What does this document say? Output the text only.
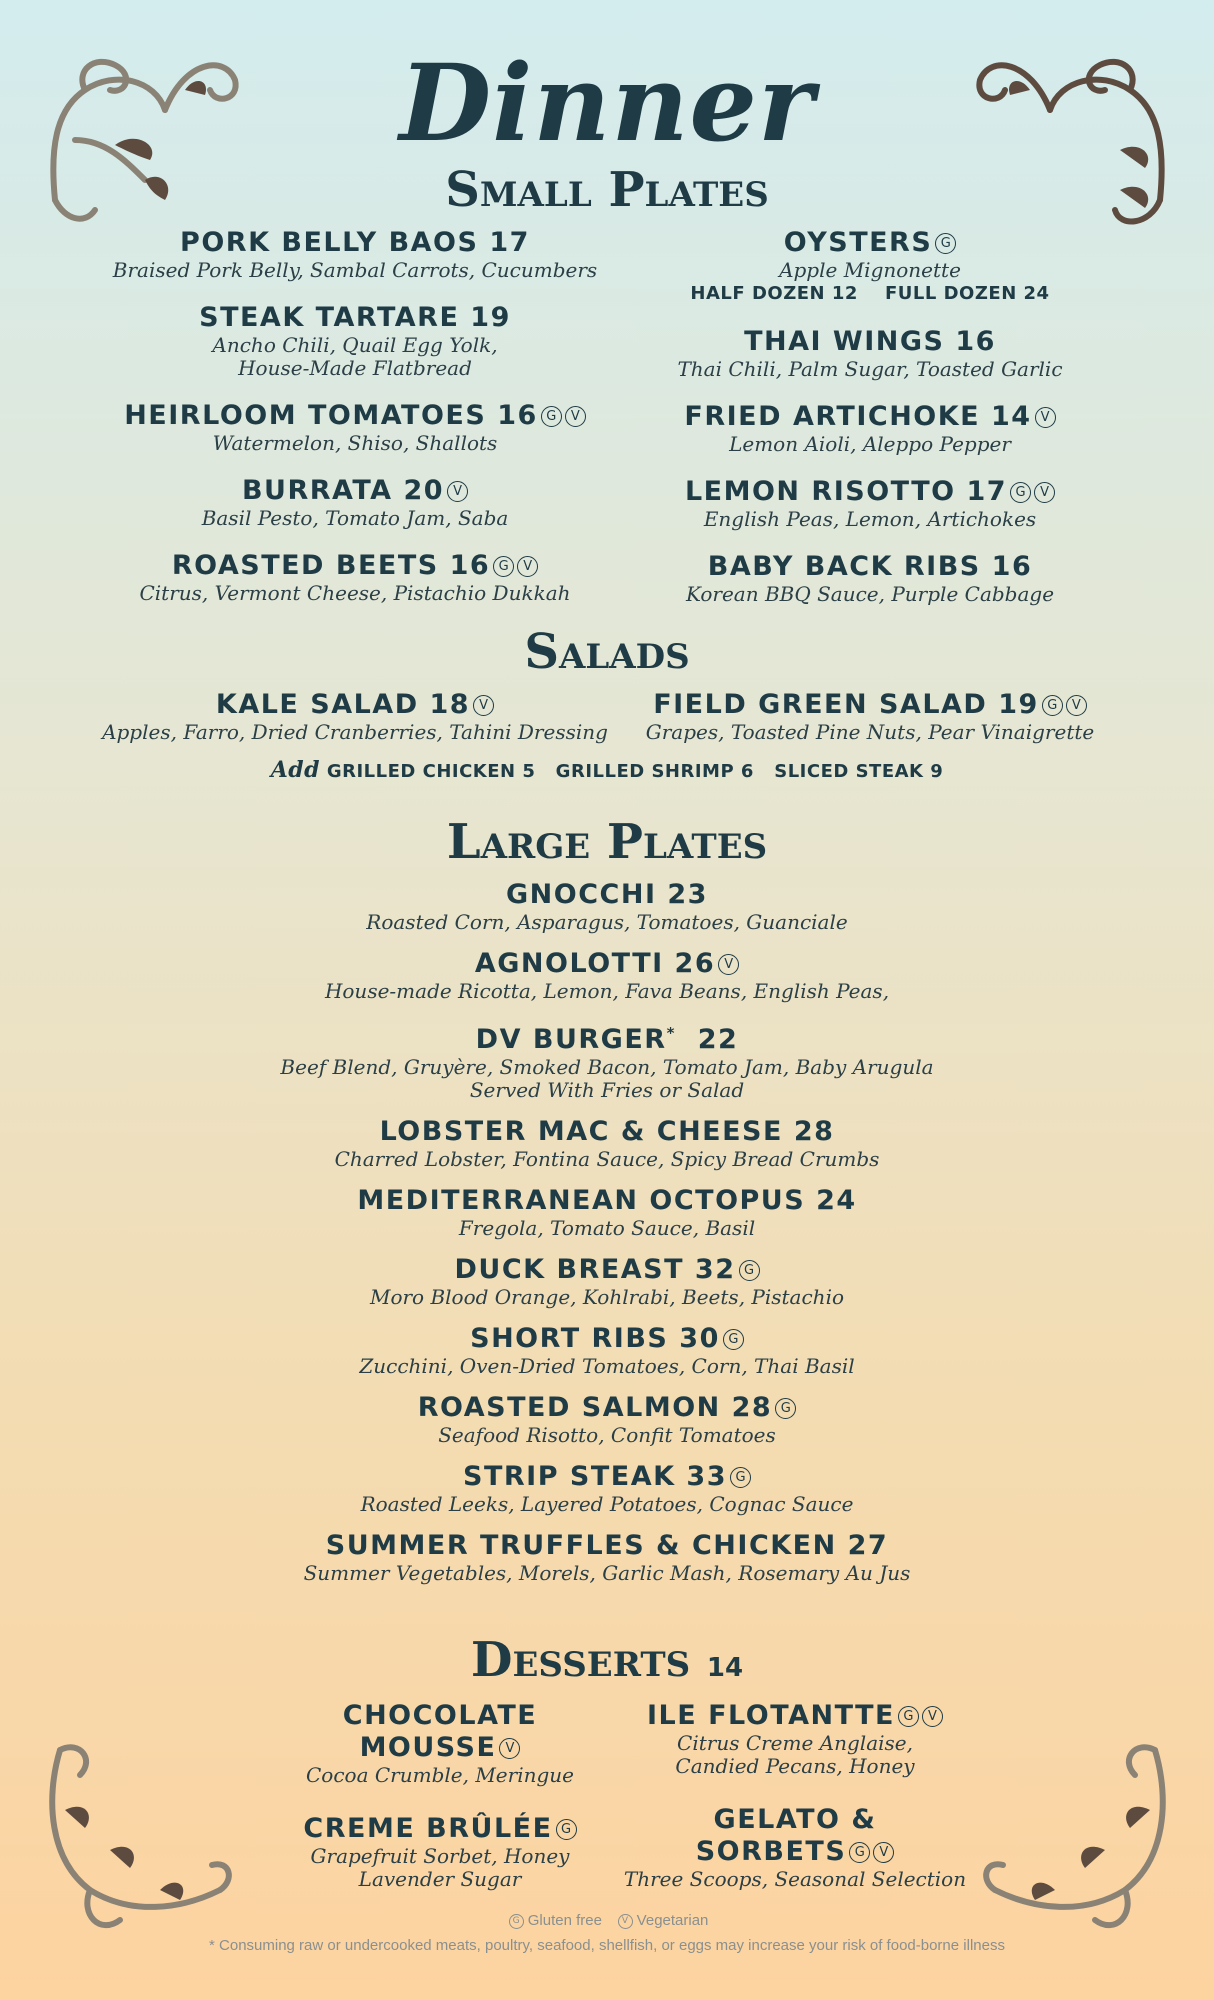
Dinner
Small Plates
PORK BELLY BAOS 17
Braised Pork Belly, Sambal Carrots, Cucumbers
STEAK TARTARE 19
Ancho Chili, Quail Egg Yolk,
House-Made Flatbread
HEIRLOOM TOMATOES 16 G V
Watermelon, Shiso, Shallots
BURRATA 20 V
Basil Pesto, Tomato Jam, Saba
ROASTED BEETS 16 G V
Citrus, Vermont Cheese, Pistachio Dukkah
OYSTERS G
Apple Mignonette
HALF DOZEN 12    FULL DOZEN 24
THAI WINGS 16
Thai Chili, Palm Sugar, Toasted Garlic
FRIED ARTICHOKE 14 V
Lemon Aioli, Aleppo Pepper
LEMON RISOTTO 17 G V
English Peas, Lemon, Artichokes
BABY BACK RIBS 16
Korean BBQ Sauce, Purple Cabbage
Salads
KALE SALAD 18 V
Apples, Farro, Dried Cranberries, Tahini Dressing
FIELD GREEN SALAD 19 G V
Grapes, Toasted Pine Nuts, Pear Vinaigrette
Add GRILLED CHICKEN 5   GRILLED SHRIMP 6   SLICED STEAK 9
Large Plates
GNOCCHI 23
Roasted Corn, Asparagus, Tomatoes, Guanciale
AGNOLOTTI 26 V
House-made Ricotta, Lemon, Fava Beans, English Peas,
DV BURGER*  22
Beef Blend, Gruyère, Smoked Bacon, Tomato Jam, Baby Arugula
Served With Fries or Salad
LOBSTER MAC & CHEESE 28
Charred Lobster, Fontina Sauce, Spicy Bread Crumbs
MEDITERRANEAN OCTOPUS 24
Fregola, Tomato Sauce, Basil
DUCK BREAST 32 G
Moro Blood Orange, Kohlrabi, Beets, Pistachio
SHORT RIBS 30 G
Zucchini, Oven-Dried Tomatoes, Corn, Thai Basil
ROASTED SALMON 28 G
Seafood Risotto, Confit Tomatoes
STRIP STEAK 33 G
Roasted Leeks, Layered Potatoes, Cognac Sauce
SUMMER TRUFFLES & CHICKEN 27
Summer Vegetables, Morels, Garlic Mash, Rosemary Au Jus
Desserts 14
CHOCOLATE
MOUSSE V
Cocoa Crumble, Meringue
CREME BRÛLÉE G
Grapefruit Sorbet, Honey
Lavender Sugar
ILE FLOTANTTE G V
Citrus Creme Anglaise,
Candied Pecans, Honey
GELATO &
SORBETS G V
Three Scoops, Seasonal Selection
G Gluten free V Vegetarian
* Consuming raw or undercooked meats, poultry, seafood, shellfish, or eggs may increase your risk of food-borne illness
